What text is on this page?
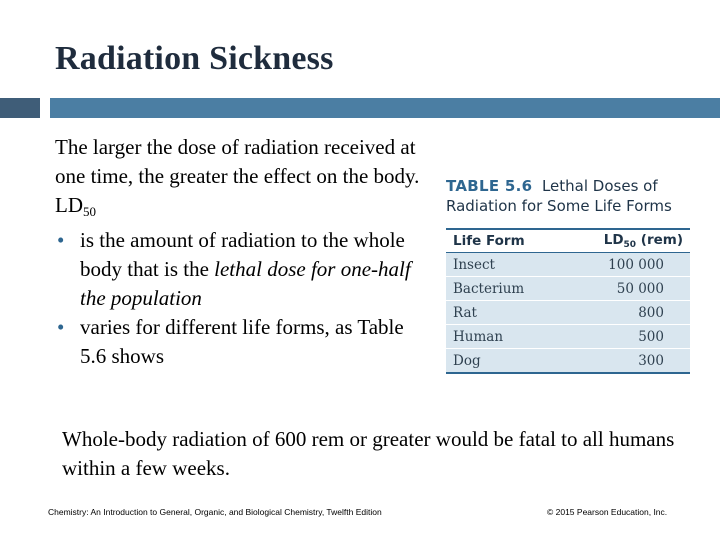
Radiation Sickness

The larger the dose of radiation received at one time, the greater the effect on the body.

$LD_{50}$

• is the amount of radiation to the whole body that is the lethal dose for one-half the population
• varies for different life forms, as Table 5.6 shows
TABLE 5.6 Lethal Doses of Radiation for Some Life Forms
Life Form	$LD_{50}$ (rem)
Insect	100 000
Bacterium	50 000
Rat	800
Human	500
Dog	300

Whole-body radiation of 600 rem or greater would be fatal to all humans within a few weeks.

Chemistry: An Introduction to General, Organic, and Biological Chemistry, Twelfth Edition	© 2015 Pearson Education, Inc.
